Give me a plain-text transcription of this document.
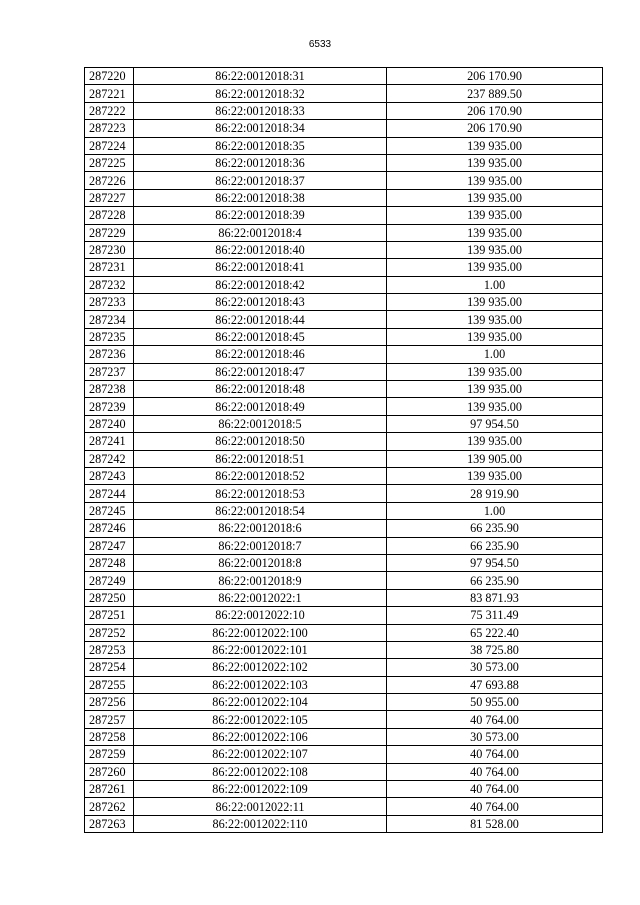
6533
287220	86:22:0012018:31	206 170.90
287221	86:22:0012018:32	237 889.50
287222	86:22:0012018:33	206 170.90
287223	86:22:0012018:34	206 170.90
287224	86:22:0012018:35	139 935.00
287225	86:22:0012018:36	139 935.00
287226	86:22:0012018:37	139 935.00
287227	86:22:0012018:38	139 935.00
287228	86:22:0012018:39	139 935.00
287229	86:22:0012018:4	139 935.00
287230	86:22:0012018:40	139 935.00
287231	86:22:0012018:41	139 935.00
287232	86:22:0012018:42	1.00
287233	86:22:0012018:43	139 935.00
287234	86:22:0012018:44	139 935.00
287235	86:22:0012018:45	139 935.00
287236	86:22:0012018:46	1.00
287237	86:22:0012018:47	139 935.00
287238	86:22:0012018:48	139 935.00
287239	86:22:0012018:49	139 935.00
287240	86:22:0012018:5	97 954.50
287241	86:22:0012018:50	139 935.00
287242	86:22:0012018:51	139 905.00
287243	86:22:0012018:52	139 935.00
287244	86:22:0012018:53	28 919.90
287245	86:22:0012018:54	1.00
287246	86:22:0012018:6	66 235.90
287247	86:22:0012018:7	66 235.90
287248	86:22:0012018:8	97 954.50
287249	86:22:0012018:9	66 235.90
287250	86:22:0012022:1	83 871.93
287251	86:22:0012022:10	75 311.49
287252	86:22:0012022:100	65 222.40
287253	86:22:0012022:101	38 725.80
287254	86:22:0012022:102	30 573.00
287255	86:22:0012022:103	47 693.88
287256	86:22:0012022:104	50 955.00
287257	86:22:0012022:105	40 764.00
287258	86:22:0012022:106	30 573.00
287259	86:22:0012022:107	40 764.00
287260	86:22:0012022:108	40 764.00
287261	86:22:0012022:109	40 764.00
287262	86:22:0012022:11	40 764.00
287263	86:22:0012022:110	81 528.00
